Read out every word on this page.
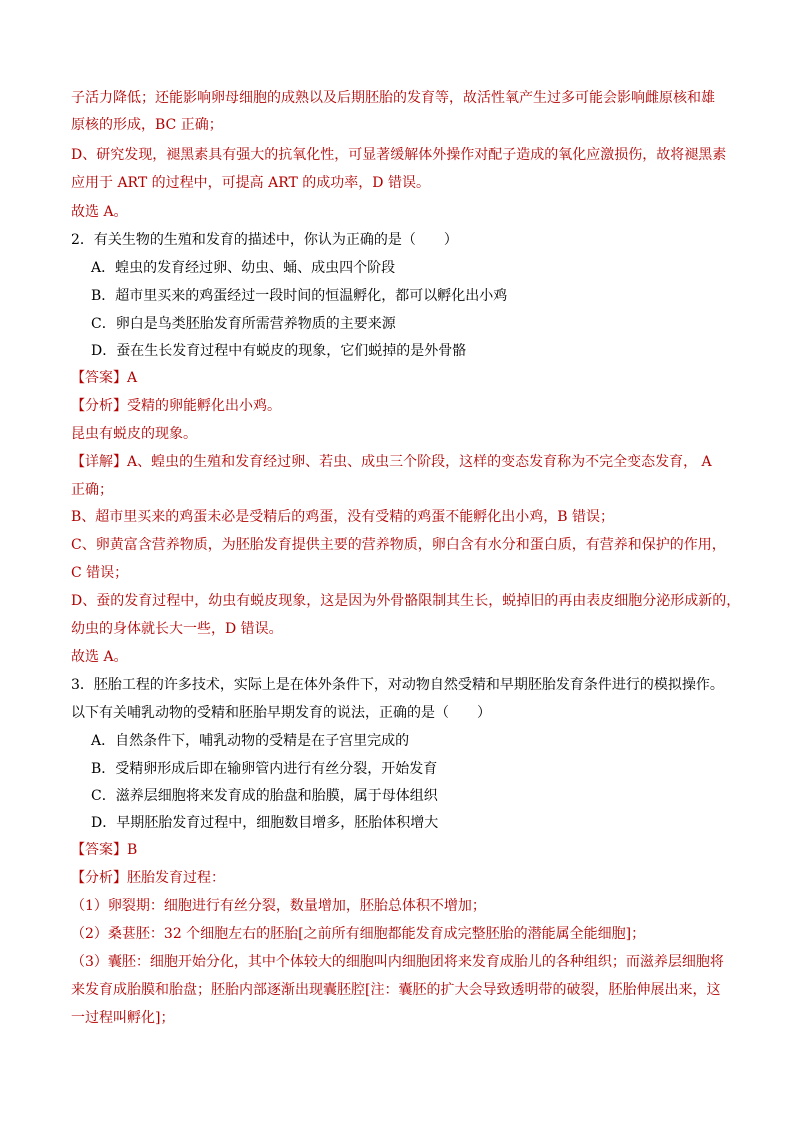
子活力降低；还能影响卵母细胞的成熟以及后期胚胎的发育等，故活性氧产生过多可能会影响雌原核和雄
原核的形成，BC 正确；
D、研究发现，褪黑素具有强大的抗氧化性，可显著缓解体外操作对配子造成的氧化应激损伤，故将褪黑素
应用于 ART 的过程中，可提高 ART 的成功率，D 错误。
故选 A。
2．有关生物的生殖和发育的描述中，你认为正确的是（　　）
A．蝗虫的发育经过卵、幼虫、蛹、成虫四个阶段
B．超市里买来的鸡蛋经过一段时间的恒温孵化，都可以孵化出小鸡
C．卵白是鸟类胚胎发育所需营养物质的主要来源
D．蚕在生长发育过程中有蜕皮的现象，它们蜕掉的是外骨骼
【答案】A
【分析】受精的卵能孵化出小鸡。
昆虫有蜕皮的现象。
【详解】A、蝗虫的生殖和发育经过卵、若虫、成虫三个阶段，这样的变态发育称为不完全变态发育， A
正确；
B、超市里买来的鸡蛋未必是受精后的鸡蛋，没有受精的鸡蛋不能孵化出小鸡，B 错误；
C、卵黄富含营养物质，为胚胎发育提供主要的营养物质，卵白含有水分和蛋白质，有营养和保护的作用，
C 错误；
D、蚕的发育过程中，幼虫有蜕皮现象，这是因为外骨骼限制其生长，蜕掉旧的再由表皮细胞分泌形成新的，
幼虫的身体就长大一些，D 错误。
故选 A。
3．胚胎工程的许多技术，实际上是在体外条件下，对动物自然受精和早期胚胎发育条件进行的模拟操作。
以下有关哺乳动物的受精和胚胎早期发育的说法，正确的是（　　）
A．自然条件下，哺乳动物的受精是在子宫里完成的
B．受精卵形成后即在输卵管内进行有丝分裂，开始发育
C．滋养层细胞将来发育成的胎盘和胎膜，属于母体组织
D．早期胚胎发育过程中，细胞数目增多，胚胎体积增大
【答案】B
【分析】胚胎发育过程：
（1）卵裂期：细胞进行有丝分裂，数量增加，胚胎总体积不增加；
（2）桑葚胚：32 个细胞左右的胚胎[之前所有细胞都能发育成完整胚胎的潜能属全能细胞]；
（3）囊胚：细胞开始分化，其中个体较大的细胞叫内细胞团将来发育成胎儿的各种组织；而滋养层细胞将
来发育成胎膜和胎盘；胚胎内部逐渐出现囊胚腔[注：囊胚的扩大会导致透明带的破裂，胚胎伸展出来，这
一过程叫孵化]；
